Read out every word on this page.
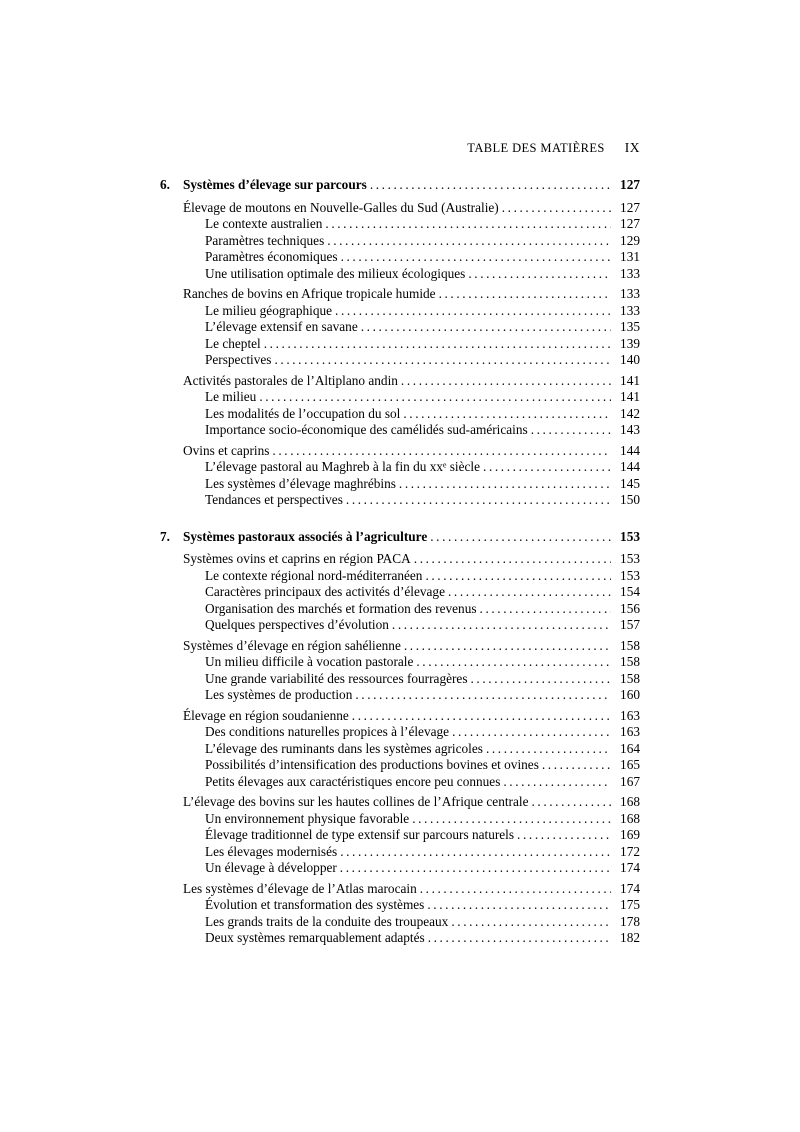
TABLE DES MATIÈRES IX
6. Systèmes d’élevage sur parcours .....	127
Élevage de moutons en Nouvelle-Galles du Sud (Australie) .....	127
Le contexte australien .....	127
Paramètres techniques .....	129
Paramètres économiques .....	131
Une utilisation optimale des milieux écologiques .....	133
Ranches de bovins en Afrique tropicale humide .....	133
Le milieu géographique .....	133
L’élevage extensif en savane .....	135
Le cheptel .....	139
Perspectives .....	140
Activités pastorales de l’Altiplano andin .....	141
Le milieu .....	141
Les modalités de l’occupation du sol .....	142
Importance socio-économique des camélidés sud-américains .....	143
Ovins et caprins .....	144
L’élevage pastoral au Maghreb à la fin du xxᵉ siècle .....	144
Les systèmes d’élevage maghrébins .....	145
Tendances et perspectives .....	150
7. Systèmes pastoraux associés à l’agriculture .....	153
Systèmes ovins et caprins en région PACA .....	153
Le contexte régional nord-méditerranéen .....	153
Caractères principaux des activités d’élevage .....	154
Organisation des marchés et formation des revenus .....	156
Quelques perspectives d’évolution .....	157
Systèmes d’élevage en région sahélienne .....	158
Un milieu difficile à vocation pastorale .....	158
Une grande variabilité des ressources fourragères .....	158
Les systèmes de production .....	160
Élevage en région soudanienne .....	163
Des conditions naturelles propices à l’élevage .....	163
L’élevage des ruminants dans les systèmes agricoles .....	164
Possibilités d’intensification des productions bovines et ovines .....	165
Petits élevages aux caractéristiques encore peu connues .....	167
L’élevage des bovins sur les hautes collines de l’Afrique centrale .....	168
Un environnement physique favorable .....	168
Élevage traditionnel de type extensif sur parcours naturels .....	169
Les élevages modernisés .....	172
Un élevage à développer .....	174
Les systèmes d’élevage de l’Atlas marocain .....	174
Évolution et transformation des systèmes .....	175
Les grands traits de la conduite des troupeaux .....	178
Deux systèmes remarquablement adaptés .....	182
